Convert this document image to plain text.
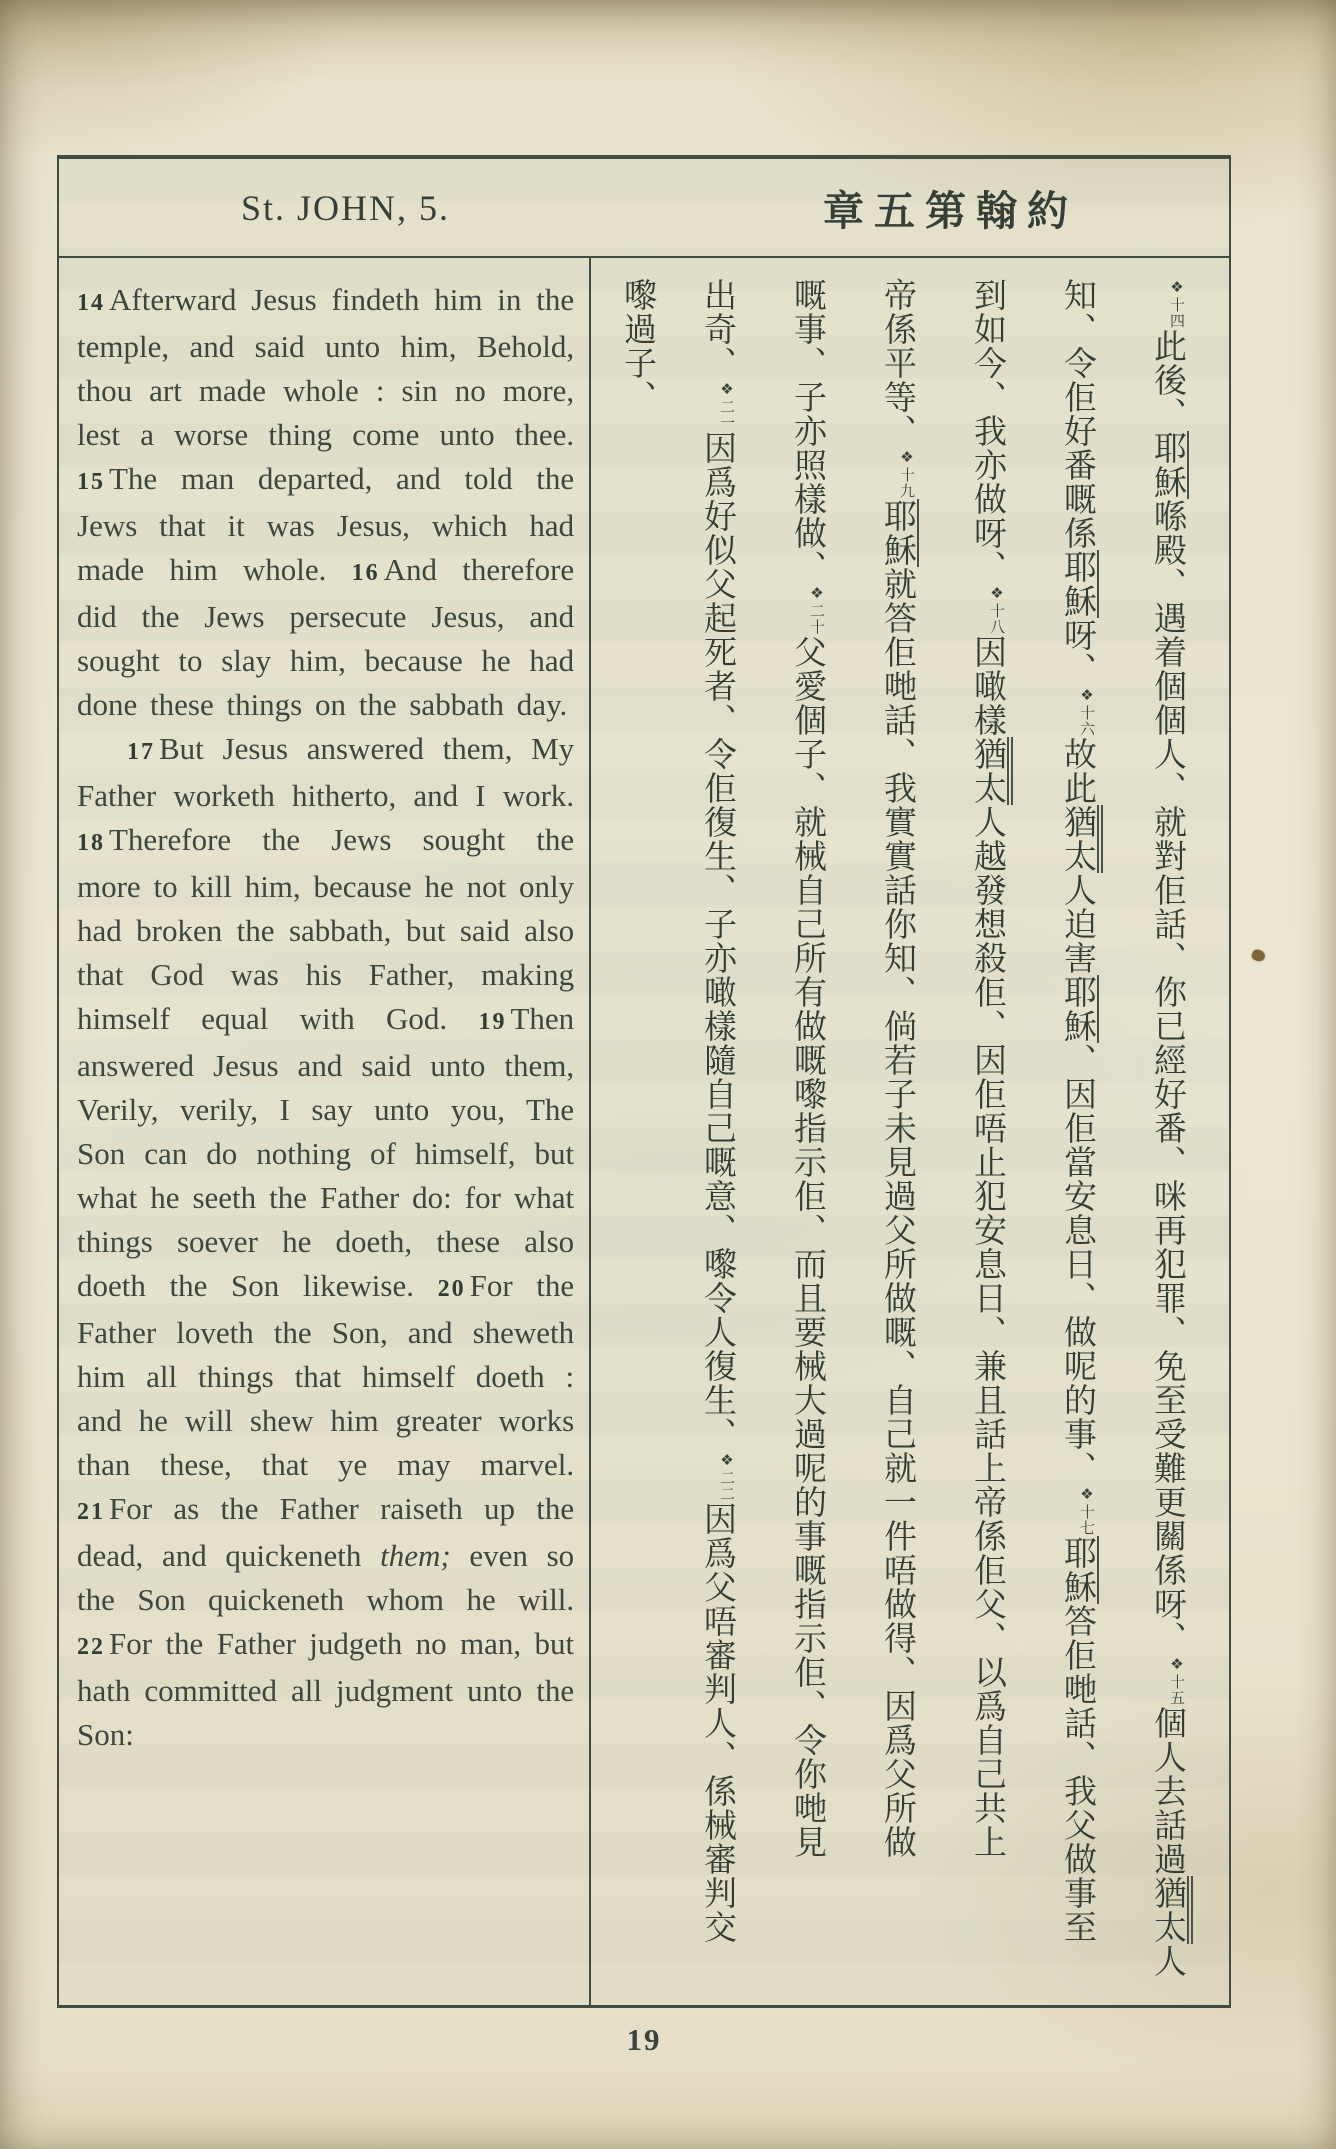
St. JOHN, 5.	章五第翰約

14 Afterward Jesus findeth him in the temple, and said unto him, Behold, thou art made whole : sin no more, lest a worse thing come unto thee. 15 The man departed, and told the Jews that it was Jesus, which had made him whole. 16 And therefore did the Jews persecute Jesus, and sought to slay him, because he had done these things on the sabbath day.

17 But Jesus answered them, My Father worketh hitherto, and I work. 18 Therefore the Jews sought the more to kill him, because he not only had broken the sabbath, but said also that God was his Father, making himself equal with God. 19 Then answered Jesus and said unto them, Verily, verily, I say unto you, The Son can do nothing of himself, but what he seeth the Father do: for what things soever he doeth, these also doeth the Son likewise. 20 For the Father loveth the Son, and sheweth him all things that himself doeth : and he will shew him greater works than these, that ye may marvel. 21 For as the Father raiseth up the dead, and quickeneth them; even so the Son quickeneth whom he will. 22 For the Father judgeth no man, but hath committed all judgment unto the Son:

$^{❖十四}$此後、耶穌喺殿、遇着個個人、就對佢話、你已經好番、咪再犯罪、免至受難更關係呀、$^{❖十五}$個人去話過猶太人
知、令佢好番嘅係耶穌呀、$^{❖十六}$故此猶太人迫害耶穌、因佢當安息日、做呢的事、$^{❖十七}$耶穌答佢哋話、我父做事至
到如今、我亦做呀、$^{❖十八}$因噉樣猶太人越發想殺佢、因佢唔止犯安息日、兼且話上帝係佢父、以爲自己共上
帝係平等、$^{❖十九}$耶穌就答佢哋話、我實實話你知、倘若子未見過父所做嘅、自己就一件唔做得、因爲父所做
嘅事、子亦照樣做、$^{❖二十}$父愛個子、就械自己所有做嘅嚟指示佢、而且要械大過呢的事嘅指示佢、令你哋見
出奇、$^{❖二一}$因爲好似父起死者、令佢復生、子亦噉樣隨自己嘅意、嚟令人復生、$^{❖二二}$因爲父唔審判人、係械審判交
嚟過子、
19
